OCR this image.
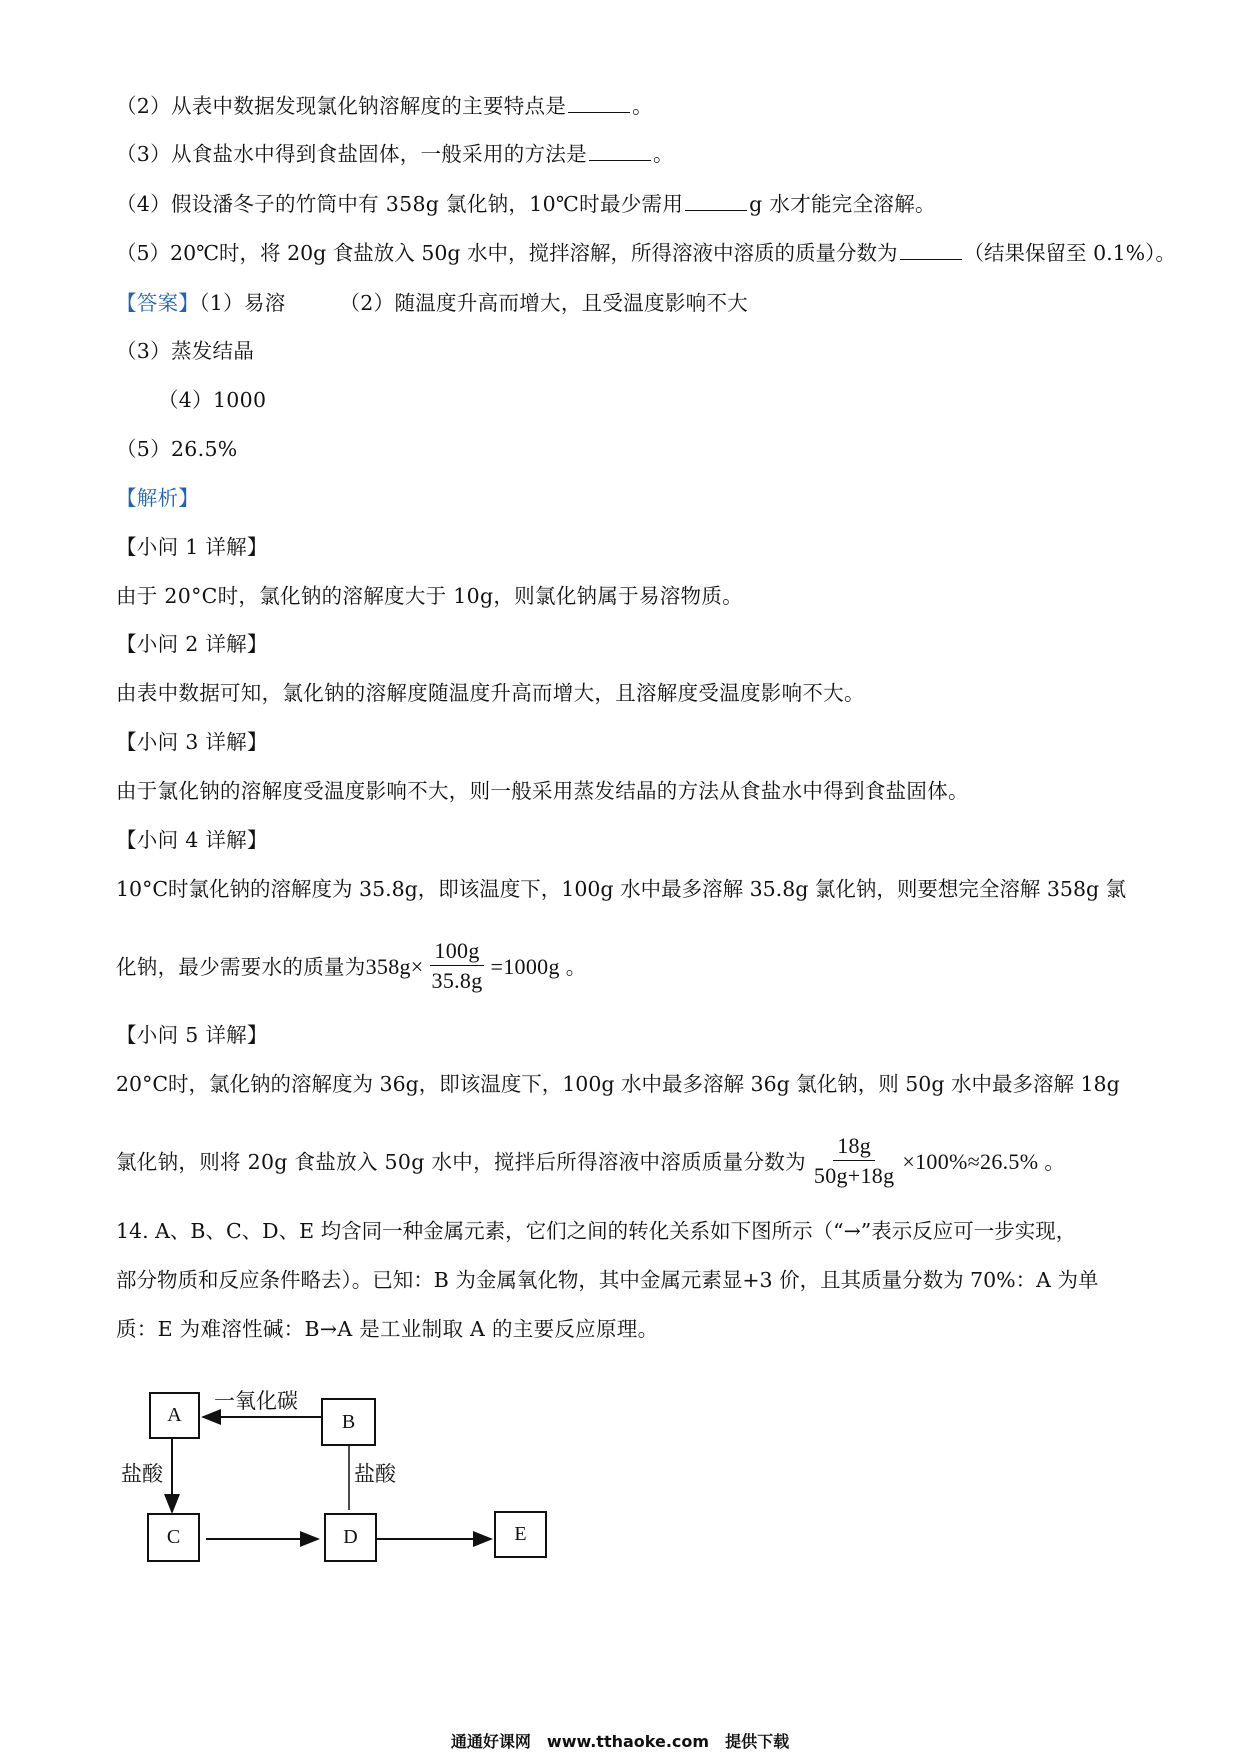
（2）从表中数据发现氯化钠溶解度的主要特点是	。
（3）从食盐水中得到食盐固体，一般采用的方法是	。
（4）假设潘冬子的竹筒中有 358g 氯化钠，10℃时最少需用	g 水才能完全溶解。
（5）20℃时，将 20g 食盐放入 50g 水中，搅拌溶解，所得溶液中溶质的质量分数为	（结果保留至 0.1%）。
【答案】（1）易溶	（2）随温度升高而增大，且受温度影响不大
（3）蒸发结晶
（4）1000
（5）26.5%
【解析】
【小问 1 详解】
由于 20°C时，氯化钠的溶解度大于 10g，则氯化钠属于易溶物质。
【小问 2 详解】
由表中数据可知，氯化钠的溶解度随温度升高而增大，且溶解度受温度影响不大。
【小问 3 详解】
由于氯化钠的溶解度受温度影响不大，则一般采用蒸发结晶的方法从食盐水中得到食盐固体。
【小问 4 详解】
10°C时氯化钠的溶解度为 35.8g，即该温度下，100g 水中最多溶解 35.8g 氯化钠，则要想完全溶解 358g 氯
化钠，最少需要水的质量为 $358g\times \frac{100g}{35.8g} =1000g$ 。
【小问 5 详解】
20°C时，氯化钠的溶解度为 36g，即该温度下，100g 水中最多溶解 36g 氯化钠，则 50g 水中最多溶解 18g
氯化钠，则将 20g 食盐放入 50g 水中，搅拌后所得溶液中溶质质量分数为 $\frac{18g}{50g+18g} \times 100\%\approx 26.5\%$ 。
14. A、B、C、D、E 均含同一种金属元素，它们之间的转化关系如下图所示（“→”表示反应可一步实现，
部分物质和反应条件略去）。已知：B 为金属氧化物，其中金属元素显+3 价，且其质量分数为 70%：A 为单
质：E 为难溶性碱：B→A 是工业制取 A 的主要反应原理。
A	B
C	D	E
一氧化碳
盐酸	盐酸
通通好课网　www.tthaoke.com　提供下载
